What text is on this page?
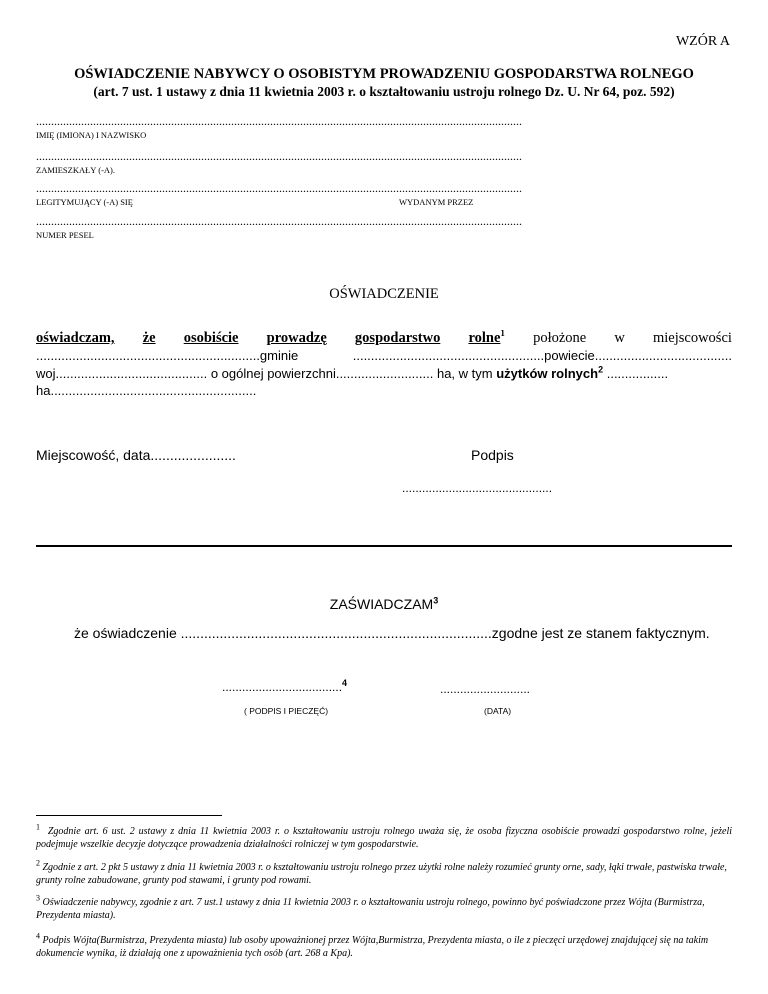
WZÓR A
OŚWIADCZENIE NABYWCY O OSOBISTYM PROWADZENIU GOSPODARSTWA ROLNEGO
(art. 7 ust. 1 ustawy z dnia 11 kwietnia 2003 r. o kształtowaniu ustroju rolnego Dz. U. Nr 64, poz. 592)
..................................................................................................................................................................
IMIĘ (IMIONA) I NAZWISKO
..................................................................................................................................................................
ZAMIESZKAŁY (-A).
..................................................................................................................................................................
LEGITYMUJĄCY (-A) SIĘ	WYDANYM PRZEZ
..................................................................................................................................................................
NUMER PESEL
OŚWIADCZENIE
oświadczam, że osobiście prowadzę gospodarstwo rolne$^1$ położone w miejscowości
..............................................................gminie	.....................................................powiecie......................................
woj.......................................... o ogólnej powierzchni........................... ha, w tym użytków rolnych$^2$ .................
ha.........................................................
Miejscowość, data......................	Podpis
.............................................
ZAŚWIADCZAM$^3$
że oświadczenie ................................................................................zgodne jest ze stanem faktycznym.
....................................$^4$	...........................
( PODPIS I PIECZĘĆ)	(DATA)
$^1$ Zgodnie art. 6 ust. 2 ustawy z dnia 11 kwietnia 2003 r. o kształtowaniu ustroju rolnego uważa się, że osoba fizyczna osobiście prowadzi gospodarstwo rolne, jeżeli podejmuje wszelkie decyzje dotyczące prowadzenia działalności rolniczej w tym gospodarstwie.
$^2$ Zgodnie z art. 2 pkt 5 ustawy z dnia 11 kwietnia 2003 r. o kształtowaniu ustroju rolnego przez użytki rolne należy rozumieć grunty orne, sady, łąki trwałe, pastwiska trwałe, grunty rolne zabudowane, grunty pod stawami, i grunty pod rowami.
$^3$ Oświadczenie nabywcy, zgodnie z art. 7 ust.1 ustawy z dnia 11 kwietnia 2003 r. o kształtowaniu ustroju rolnego, powinno być poświadczone przez Wójta (Burmistrza, Prezydenta miasta).
$^4$ Podpis Wójta(Burmistrza, Prezydenta miasta) lub osoby upoważnionej przez Wójta,Burmistrza, Prezydenta miasta, o ile z pieczęci urzędowej znajdującej się na takim dokumencie wynika, iż działają one z upoważnienia tych osób (art. 268 a Kpa).
